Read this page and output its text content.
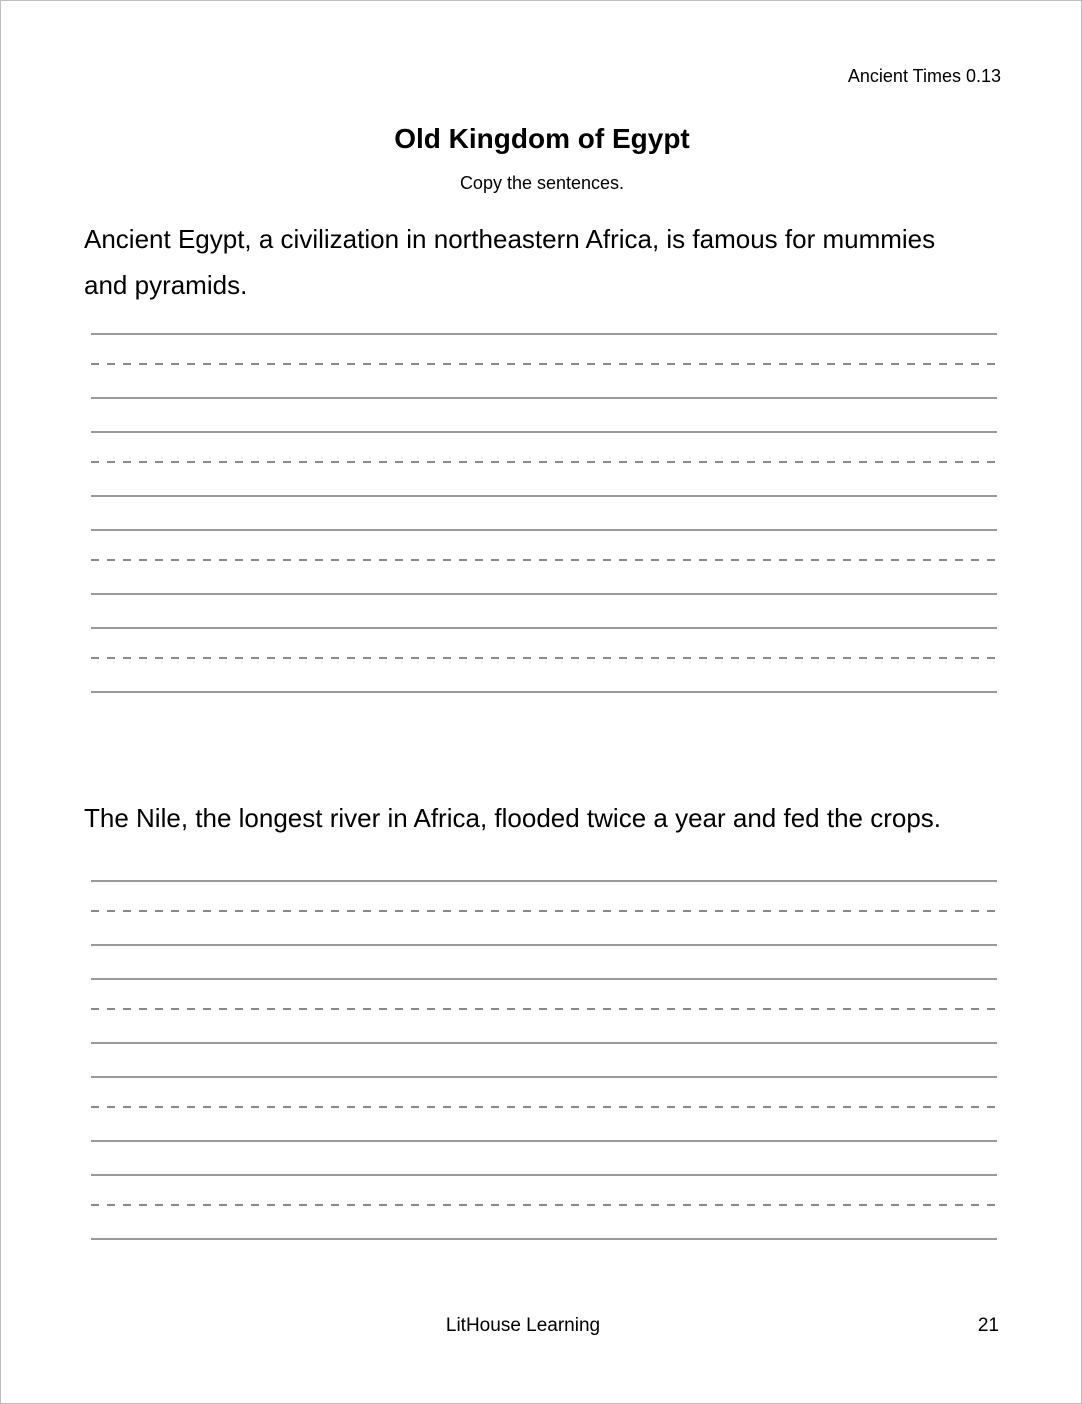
Ancient Times 0.13
Old Kingdom of Egypt
Copy the sentences.
Ancient Egypt, a civilization in northeastern Africa, is famous for mummies and pyramids.
The Nile, the longest river in Africa, flooded twice a year and fed the crops.
LitHouse Learning	21
